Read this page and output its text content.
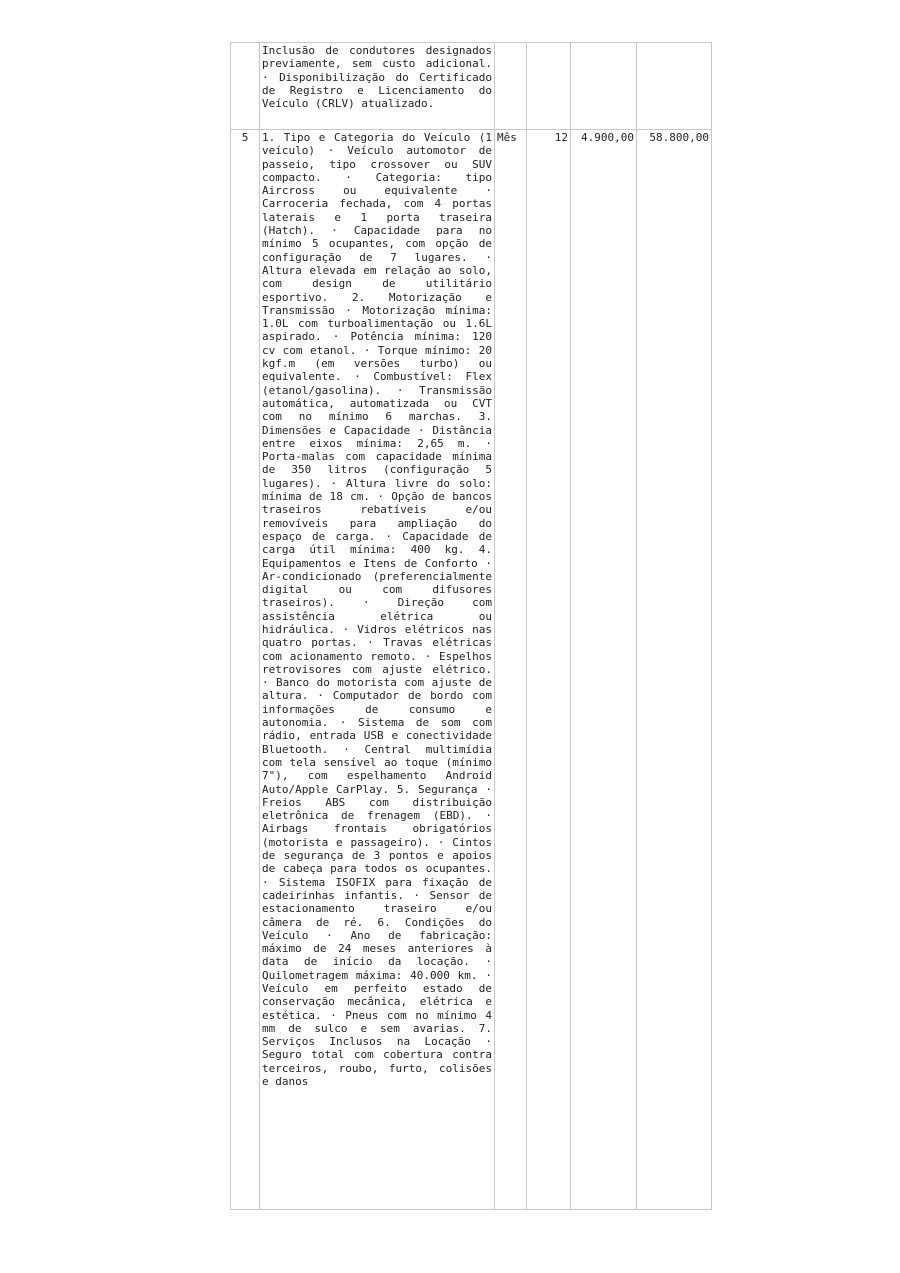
	Inclusão de condutores designados previamente, sem custo adicional. · Disponibilização do Certificado de Registro e Licenciamento do Veículo (CRLV) atualizado.				

5	1. Tipo e Categoria do Veículo (1 veículo) · Veículo automotor de passeio, tipo crossover ou SUV compacto. · Categoria: tipo Aircross ou equivalente · Carroceria fechada, com 4 portas laterais e 1 porta traseira (Hatch). · Capacidade para no mínimo 5 ocupantes, com opção de configuração de 7 lugares. · Altura elevada em relação ao solo, com design de utilitário esportivo. 2. Motorização e Transmissão · Motorização mínima: 1.0L com turboalimentação ou 1.6L aspirado. · Potência mínima: 120 cv com etanol. · Torque mínimo: 20 kgf.m (em versões turbo) ou equivalente. · Combustível: Flex (etanol/gasolina). · Transmissão automática, automatizada ou CVT com no mínimo 6 marchas. 3. Dimensões e Capacidade · Distância entre eixos mínima: 2,65 m. · Porta-malas com capacidade mínima de 350 litros (configuração 5 lugares). · Altura livre do solo: mínima de 18 cm. · Opção de bancos traseiros rebatíveis e/ou removíveis para ampliação do espaço de carga. · Capacidade de carga útil mínima: 400 kg. 4. Equipamentos e Itens de Conforto · Ar-condicionado (preferencialmente digital ou com difusores traseiros). · Direção com assistência elétrica ou hidráulica. · Vidros elétricos nas quatro portas. · Travas elétricas com acionamento remoto. · Espelhos retrovisores com ajuste elétrico. · Banco do motorista com ajuste de altura. · Computador de bordo com informações de consumo e autonomia. · Sistema de som com rádio, entrada USB e conectividade Bluetooth. · Central multimídia com tela sensível ao toque (mínimo 7"), com espelhamento Android Auto/Apple CarPlay. 5. Segurança · Freios ABS com distribuição eletrônica de frenagem (EBD). · Airbags frontais obrigatórios (motorista e passageiro). · Cintos de segurança de 3 pontos e apoios de cabeça para todos os ocupantes. · Sistema ISOFIX para fixação de cadeirinhas infantis. · Sensor de estacionamento traseiro e/ou câmera de ré. 6. Condições do Veículo · Ano de fabricação: máximo de 24 meses anteriores à data de início da locação. · Quilometragem máxima: 40.000 km. · Veículo em perfeito estado de conservação mecânica, elétrica e estética. · Pneus com no mínimo 4 mm de sulco e sem avarias. 7. Serviços Inclusos na Locação · Seguro total com cobertura contra terceiros, roubo, furto, colisões e danos	Mês	12	4.900,00	58.800,00
